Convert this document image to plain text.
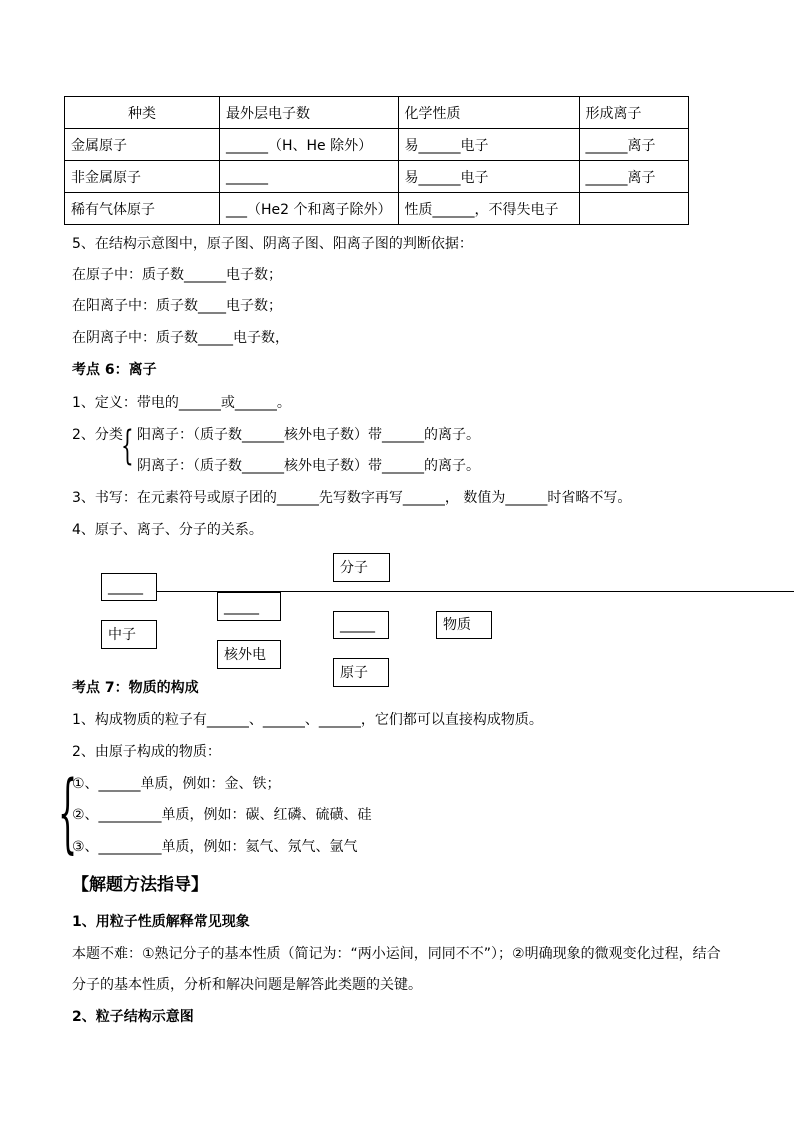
种类	最外层电子数	化学性质	形成离子
金属原子	______（H、He 除外）	易______电子	______离子
非金属原子	______	易______电子	______离子
稀有气体原子	___（He2 个和离子除外）	性质______，不得失电子	
5、在结构示意图中，原子图、阴离子图、阳离子图的判断依据：
在原子中：质子数______电子数；
在阳离子中：质子数____电子数；
在阴离子中：质子数_____电子数，
考点 6：离子
1、定义：带电的______或______。
2、分类
{ 阳离子：（质子数______核外电子数）带______的离子。
阴离子：（质子数______核外电子数）带______的离子。
3、书写：在元素符号或原子团的______先写数字再写______， 数值为______时省略不写。
4、原子、离子、分子的关系。
_____
中子
_____
核外电
分子
_____
原子
物质
考点 7：物质的构成
1、构成物质的粒子有______、______、______，它们都可以直接构成物质。
2、由原子构成的物质：
{
①、______单质，例如：金、铁；
②、_________单质，例如：碳、红磷、硫磺、硅
③、_________单质，例如：氦气、氖气、氩气
【解题方法指导】
1、用粒子性质解释常见现象
本题不难：①熟记分子的基本性质（简记为：“两小运间，同同不不”）；②明确现象的微观变化过程，结合
分子的基本性质，分析和解决问题是解答此类题的关键。
2、粒子结构示意图
